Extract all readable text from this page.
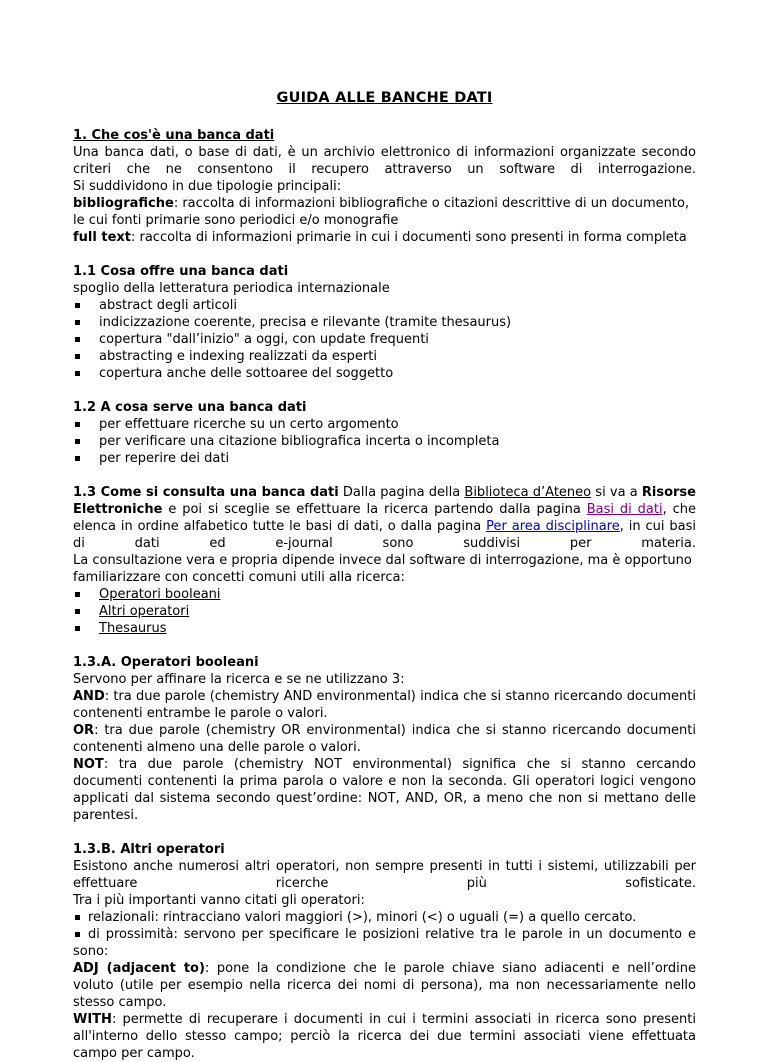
GUIDA ALLE BANCHE DATI

1. Che cos'è una banca dati

Una banca dati, o base di dati, è un archivio elettronico di informazioni organizzate secondo

criteri che ne consentono il recupero attraverso un software di interrogazione.

Si suddividono in due tipologie principali:

bibliografiche: raccolta di informazioni bibliografiche o citazioni descrittive di un documento,

le cui fonti primarie sono periodici e/o monografie

full text: raccolta di informazioni primarie in cui i documenti sono presenti in forma completa

1.1 Cosa offre una banca dati

spoglio della letteratura periodica internazionale

abstract degli articoli
indicizzazione coerente, precisa e rilevante (tramite thesaurus)
copertura "dall’inizio" a oggi, con update frequenti
abstracting e indexing realizzati da esperti
copertura anche delle sottoaree del soggetto

1.2 A cosa serve una banca dati

per effettuare ricerche su un certo argomento
per verificare una citazione bibliografica incerta o incompleta
per reperire dei dati

1.3 Come si consulta una banca dati Dalla pagina della Biblioteca d’Ateneo si va a Risorse

Elettroniche e poi si sceglie se effettuare la ricerca partendo dalla pagina Basi di dati, che

elenca in ordine alfabetico tutte le basi di dati, o dalla pagina Per area disciplinare, in cui basi

di dati ed e-journal sono suddivisi per materia.

La consultazione vera e propria dipende invece dal software di interrogazione, ma è opportuno

familiarizzare con concetti comuni utili alla ricerca:

Operatori booleani
Altri operatori
Thesaurus

1.3.A. Operatori booleani

Servono per affinare la ricerca e se ne utilizzano 3:

AND: tra due parole (chemistry AND environmental) indica che si stanno ricercando documenti

contenenti entrambe le parole o valori.

OR: tra due parole (chemistry OR environmental) indica che si stanno ricercando documenti

contenenti almeno una delle parole o valori.

NOT: tra due parole (chemistry NOT environmental) significa che si stanno cercando

documenti contenenti la prima parola o valore e non la seconda. Gli operatori logici vengono

applicati dal sistema secondo quest’ordine: NOT, AND, OR, a meno che non si mettano delle

parentesi.

1.3.B. Altri operatori

Esistono anche numerosi altri operatori, non sempre presenti in tutti i sistemi, utilizzabili per

effettuare ricerche più sofisticate.

Tra i più importanti vanno citati gli operatori:

relazionali: rintracciano valori maggiori (>), minori (<) o uguali (=) a quello cercato.

di prossimità: servono per specificare le posizioni relative tra le parole in un documento e

sono:

ADJ (adjacent to): pone la condizione che le parole chiave siano adiacenti e nell’ordine

voluto (utile per esempio nella ricerca dei nomi di persona), ma non necessariamente nello

stesso campo.

WITH: permette di recuperare i documenti in cui i termini associati in ricerca sono presenti

all'interno dello stesso campo; perciò la ricerca dei due termini associati viene effettuata

campo per campo.
